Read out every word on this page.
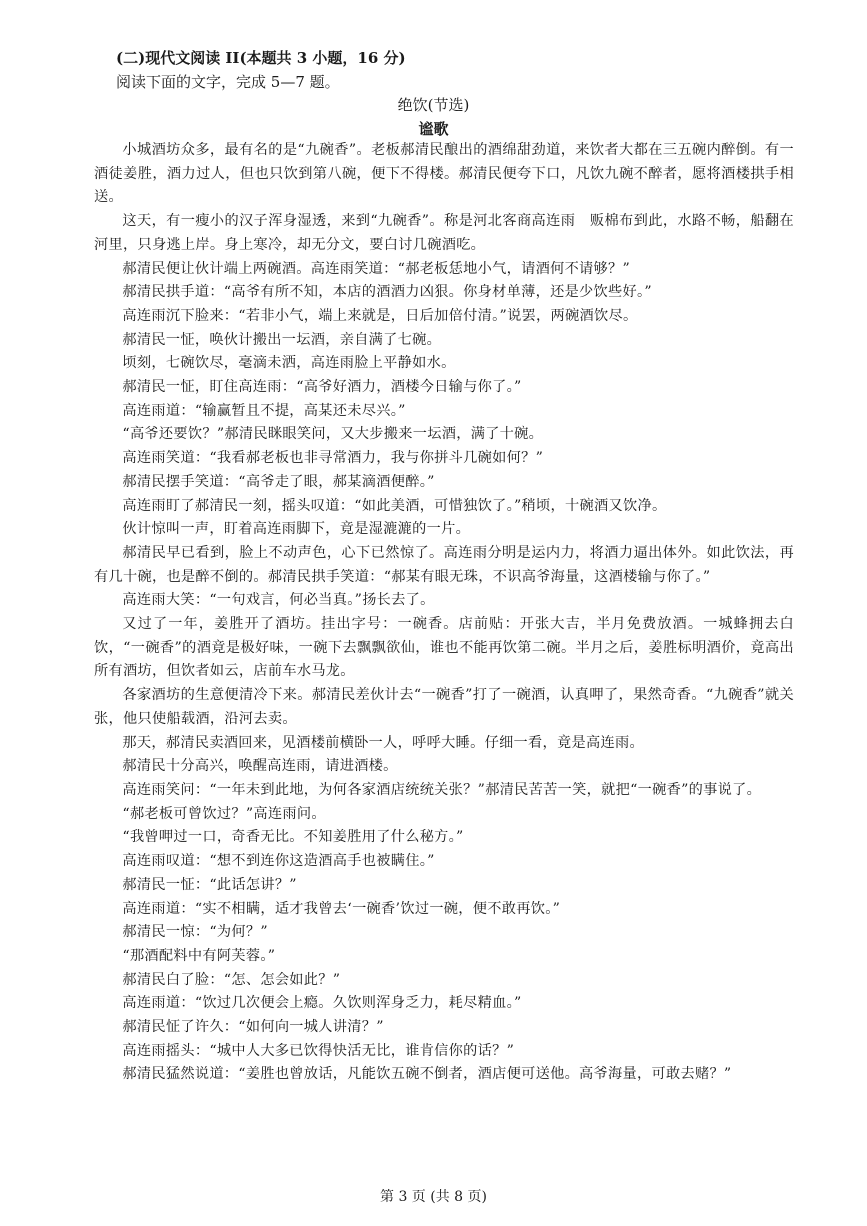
(二)现代文阅读 II(本题共 3 小题，16 分)
阅读下面的文字，完成 5—7 题。
绝饮(节选)
谧歌

小城酒坊众多，最有名的是“九碗香”。老板郝清民酿出的酒绵甜劲道，来饮者大都在三五碗内醉倒。有一酒徒姜胜，酒力过人，但也只饮到第八碗，便下不得楼。郝清民便夸下口，凡饮九碗不醉者，愿将酒楼拱手相送。

这天，有一瘦小的汉子浑身湿透，来到“九碗香”。称是河北客商高连雨　贩棉布到此，水路不畅，船翻在河里，只身逃上岸。身上寒冷，却无分文，要白讨几碗酒吃。

郝清民便让伙计端上两碗酒。高连雨笑道：“郝老板恁地小气，请酒何不请够？”

郝清民拱手道：“高爷有所不知，本店的酒酒力凶狠。你身材单薄，还是少饮些好。”

高连雨沉下脸来：“若非小气，端上来就是，日后加倍付清。”说罢，两碗酒饮尽。

郝清民一怔，唤伙计搬出一坛酒，亲自满了七碗。

顷刻，七碗饮尽，毫滴未洒，高连雨脸上平静如水。

郝清民一怔，盯住高连雨：“高爷好酒力，酒楼今日输与你了。”

高连雨道：“输赢暂且不提，高某还未尽兴。”

“高爷还要饮？”郝清民眯眼笑问，又大步搬来一坛酒，满了十碗。

高连雨笑道：“我看郝老板也非寻常酒力，我与你拼斗几碗如何？”

郝清民摆手笑道：“高爷走了眼，郝某滴酒便醉。”

高连雨盯了郝清民一刻，摇头叹道：“如此美酒，可惜独饮了。”稍顷，十碗酒又饮净。

伙计惊叫一声，盯着高连雨脚下，竟是湿漉漉的一片。

郝清民早已看到，脸上不动声色，心下已然惊了。高连雨分明是运内力，将酒力逼出体外。如此饮法，再有几十碗，也是醉不倒的。郝清民拱手笑道：“郝某有眼无珠，不识高爷海量，这酒楼输与你了。”

高连雨大笑：“一句戏言，何必当真。”扬长去了。

又过了一年，姜胜开了酒坊。挂出字号：一碗香。店前贴：开张大吉，半月免费放酒。一城蜂拥去白饮，“一碗香”的酒竟是极好味，一碗下去飘飘欲仙，谁也不能再饮第二碗。半月之后，姜胜标明酒价，竟高出所有酒坊，但饮者如云，店前车水马龙。

各家酒坊的生意便清冷下来。郝清民差伙计去“一碗香”打了一碗酒，认真呷了，果然奇香。“九碗香”就关张，他只使船载酒，沿河去卖。

那天，郝清民卖酒回来，见酒楼前横卧一人，呼呼大睡。仔细一看，竟是高连雨。

郝清民十分高兴，唤醒高连雨，请进酒楼。

高连雨笑问：“一年未到此地，为何各家酒店统统关张？”郝清民苦苦一笑，就把“一碗香”的事说了。

“郝老板可曾饮过？”高连雨问。

“我曾呷过一口，奇香无比。不知姜胜用了什么秘方。”

高连雨叹道：“想不到连你这造酒高手也被瞒住。”

郝清民一怔：“此话怎讲？”

高连雨道：“实不相瞒，适才我曾去‘一碗香’饮过一碗，便不敢再饮。”

郝清民一惊：“为何？”

“那酒配料中有阿芙蓉。”

郝清民白了脸：“怎、怎会如此？”

高连雨道：“饮过几次便会上瘾。久饮则浑身乏力，耗尽精血。”

郝清民怔了许久：“如何向一城人讲清？”

高连雨摇头：“城中人大多已饮得快活无比，谁肯信你的话？”

郝清民猛然说道：“姜胜也曾放话，凡能饮五碗不倒者，酒店便可送他。高爷海量，可敢去赌？”

第 3 页 (共 8 页)
